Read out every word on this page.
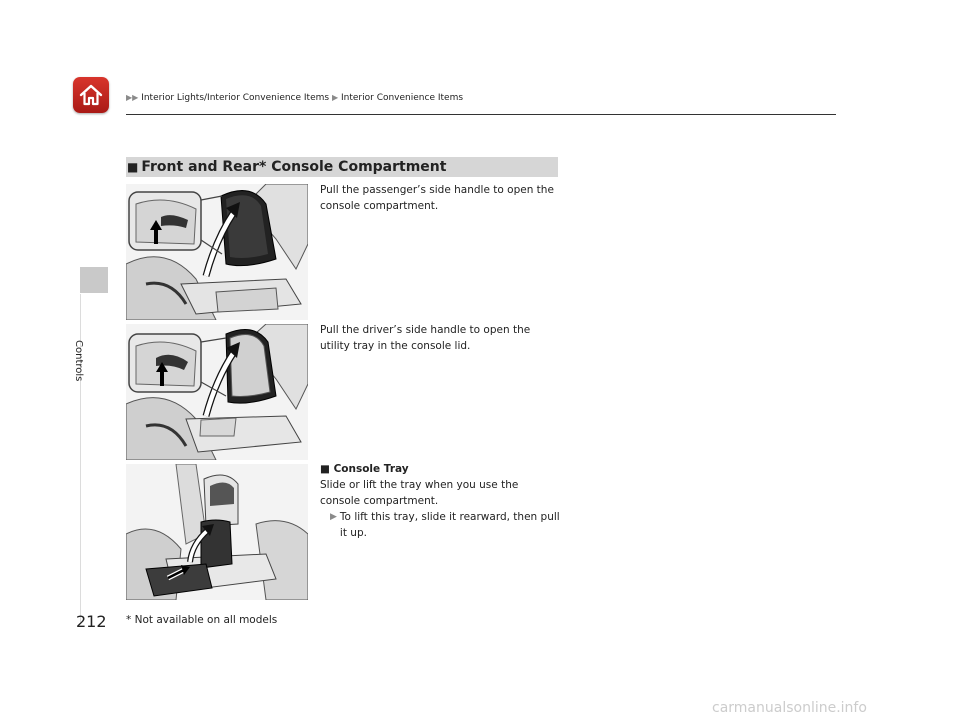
▶▶ Interior Lights/Interior Convenience Items ▶ Interior Convenience Items
Controls
■ Front and Rear* Console Compartment
Pull the passenger’s side handle to open the console compartment.
Pull the driver’s side handle to open the utility tray in the console lid.
■ Console Tray
Slide or lift the tray when you use the console compartment.
▶ To lift this tray, slide it rearward, then pull it up.
212 * Not available on all models
carmanualsonline.info
